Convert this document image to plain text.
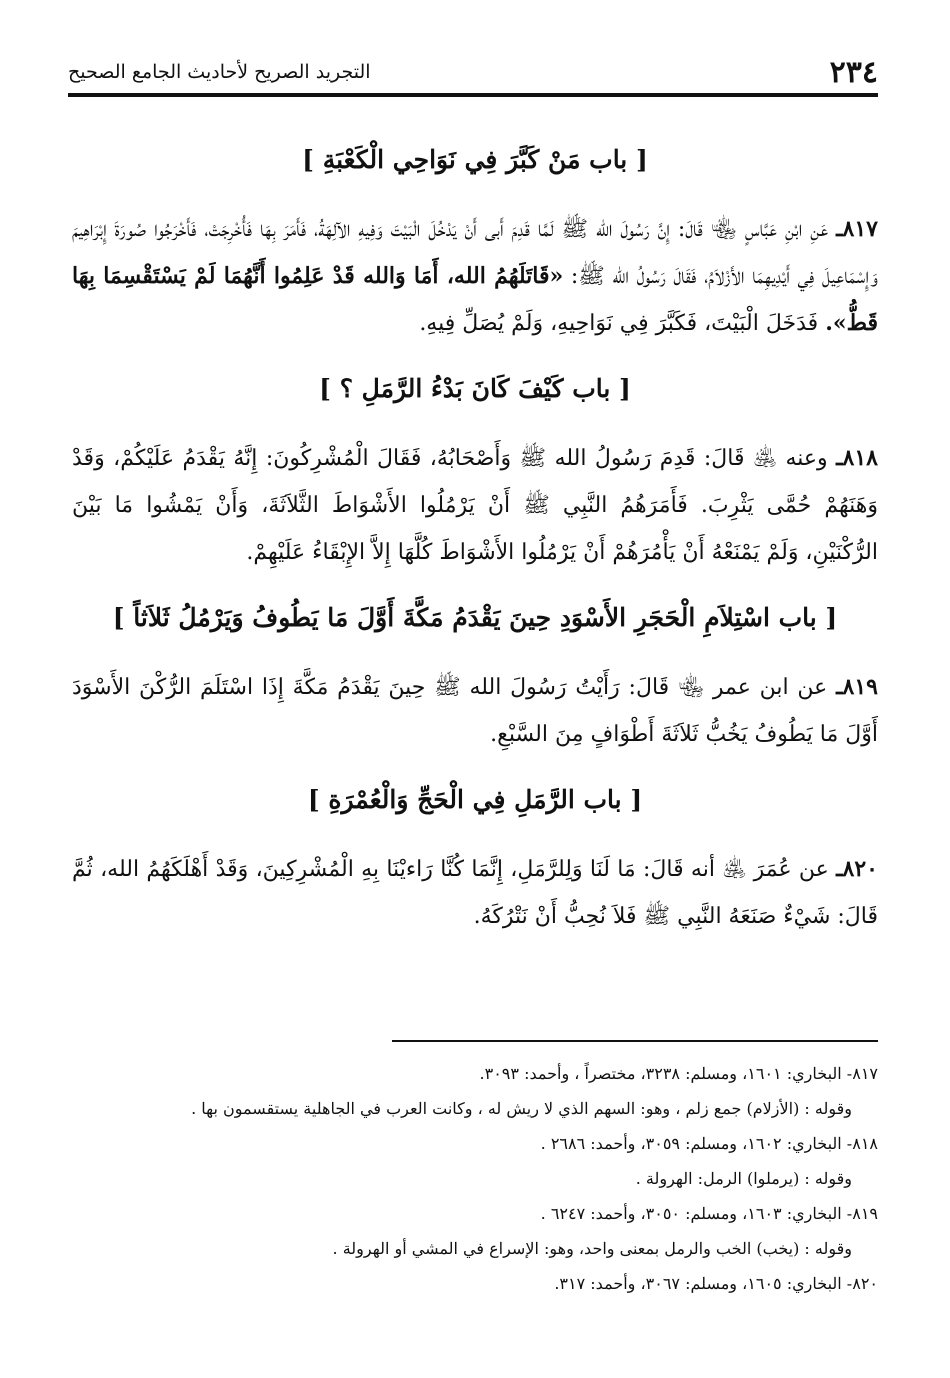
٢٣٤
التجريد الصريح لأحاديث الجامع الصحيح
[ باب مَنْ كَبَّرَ فِي نَوَاحِي الْكَعْبَةِ ]

٨١٧ـ عَنِ ابْنِ عَبَّاسٍ ﵄ قَالَ: إِنَّ رَسُولَ الله ﷺ لَمَّا قَدِمَ أَبى أَنْ يَدْخُلَ الْبَيْتَ وَفِيهِ الآلِهَةُ، فَأَمَرَ بِهَا فَأُخْرِجَتْ، فَأَخْرَجُوا صُورَةَ إِبْرَاهِيمَ وَإِسْمَاعِيلَ فِي أَيْدِيهِمَا الأَزْلاَمُ، فَقَالَ رَسُولُ الله ﷺ: «قَاتَلَهُمُ الله، أَمَا وَالله قَدْ عَلِمُوا أَنَّهُمَا لَمْ يَسْتَقْسِمَا بِهَا قَطُّ». فَدَخَلَ الْبَيْتَ، فَكَبَّرَ فِي نَوَاحِيهِ، وَلَمْ يُصَلِّ فِيهِ.

[ باب كَيْفَ كَانَ بَدْءُ الرَّمَلِ ؟ ]

٨١٨ـ وعنه ﵁ قَالَ: قَدِمَ رَسُولُ الله ﷺ وَأَصْحَابُهُ، فَقَالَ الْمُشْرِكُونَ: إِنَّهُ يَقْدَمُ عَلَيْكُمْ، وَقَدْ وَهَنَهُمْ حُمَّى يَثْرِبَ. فَأَمَرَهُمُ النَّبِي ﷺ أَنْ يَرْمُلُوا الأَشْوَاطَ الثَّلاَثَةَ، وَأَنْ يَمْشُوا مَا بَيْنَ الرُّكْنَيْنِ، وَلَمْ يَمْنَعْهُ أَنْ يَأْمُرَهُمْ أَنْ يَرْمُلُوا الأَشْوَاطَ كُلَّهَا إِلاَّ الإِبْقَاءُ عَلَيْهِمْ.

[ باب اسْتِلاَمِ الْحَجَرِ الأَسْوَدِ حِينَ يَقْدَمُ مَكَّةَ أَوَّلَ مَا يَطُوفُ وَيَرْمُلُ ثَلاَثاً ]

٨١٩ـ عن ابن عمر ﵄ قَالَ: رَأَيْتُ رَسُولَ الله ﷺ حِينَ يَقْدَمُ مَكَّةَ إِذَا اسْتَلَمَ الرُّكْنَ الأَسْوَدَ أَوَّلَ مَا يَطُوفُ يَخُبُّ ثَلاَثَةَ أَطْوَافٍ مِنَ السَّبْعِ.

[ باب الرَّمَلِ فِي الْحَجِّ وَالْعُمْرَةِ ]

٨٢٠ـ عن عُمَرَ ﵁ أنه قَالَ: مَا لَنَا وَلِلرَّمَلِ، إِنَّمَا كُنَّا رَاءيْنَا بِهِ الْمُشْرِكِينَ، وَقَدْ أَهْلَكَهُمُ الله، ثُمَّ قَالَ: شَيْءٌ صَنَعَهُ النَّبِي ﷺ فَلاَ نُحِبُّ أَنْ نَتْرُكَهُ.

٨١٧- البخاري: ١٦٠١، ومسلم: ٣٢٣٨، مختصراً ، وأحمد: ٣٠٩٣.
وقوله : (الأزلام) جمع زلم ، وهو: السهم الذي لا ريش له ، وكانت العرب في الجاهلية يستقسمون بها .
٨١٨- البخاري: ١٦٠٢، ومسلم: ٣٠٥٩، وأحمد: ٢٦٨٦ .
وقوله : (يرملوا) الرمل: الهرولة .
٨١٩- البخاري: ١٦٠٣، ومسلم: ٣٠٥٠، وأحمد: ٦٢٤٧ .
وقوله : (يخب) الخب والرمل بمعنى واحد، وهو: الإسراع في المشي أو الهرولة .
٨٢٠- البخاري: ١٦٠٥، ومسلم: ٣٠٦٧، وأحمد: ٣١٧.
